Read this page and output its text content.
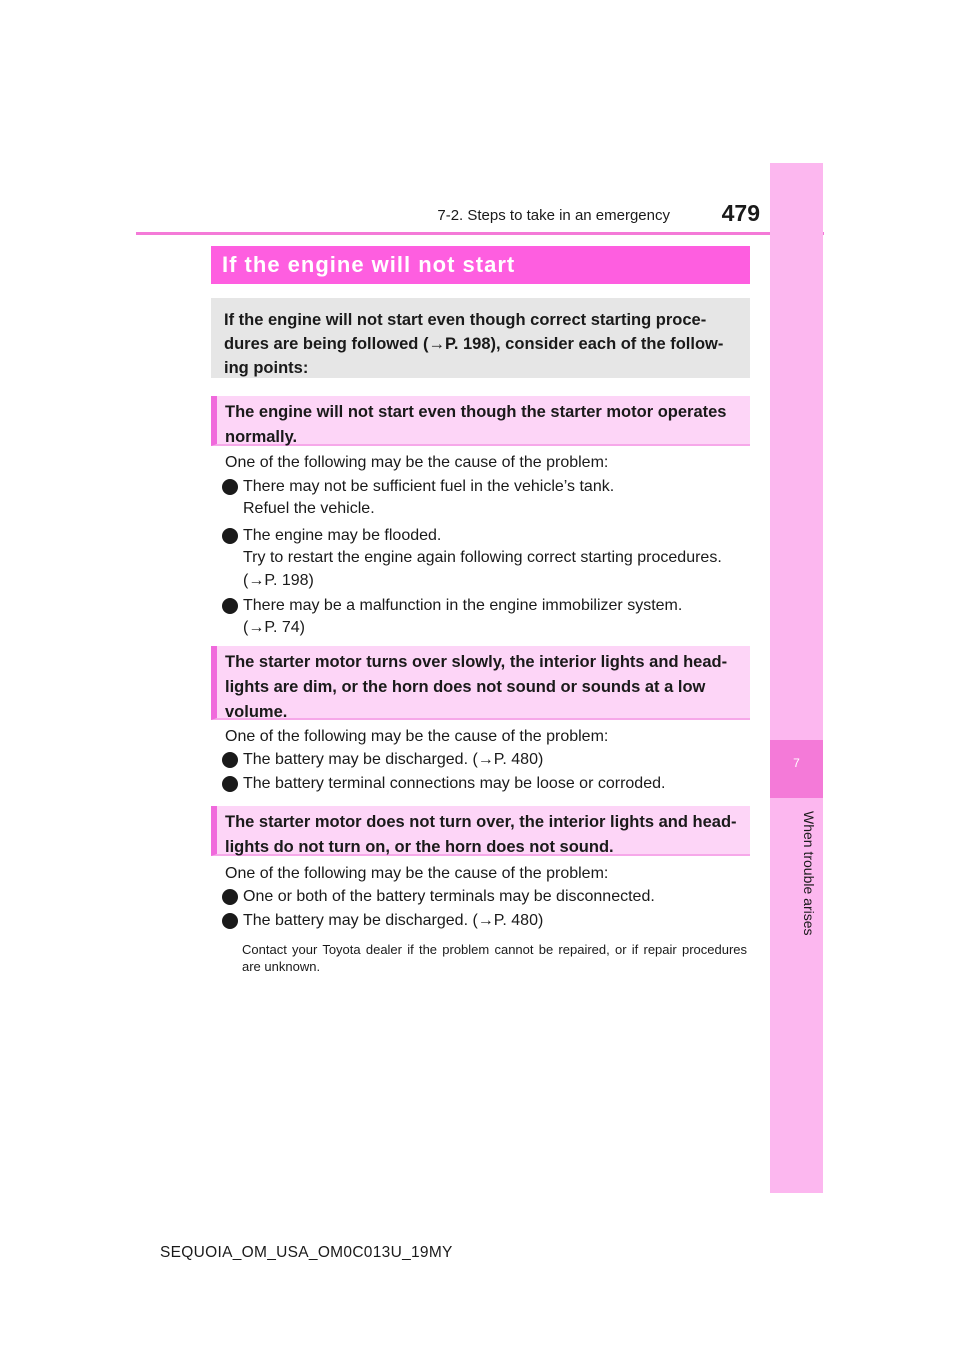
7-2. Steps to take in an emergency	479
7
When trouble arises
If the engine will not start
If the engine will not start even though correct starting proce-
dures are being followed (→P. 198), consider each of the follow-
ing points:
The engine will not start even though the starter motor operates
normally.
One of the following may be the cause of the problem:
There may not be sufficient fuel in the vehicle’s tank.
Refuel the vehicle.
The engine may be flooded.
Try to restart the engine again following correct starting procedures.
(→P. 198)
There may be a malfunction in the engine immobilizer system.
(→P. 74)
The starter motor turns over slowly, the interior lights and head-
lights are dim, or the horn does not sound or sounds at a low
volume.
One of the following may be the cause of the problem:
The battery may be discharged. (→P. 480)
The battery terminal connections may be loose or corroded.
The starter motor does not turn over, the interior lights and head-
lights do not turn on, or the horn does not sound.
One of the following may be the cause of the problem:
One or both of the battery terminals may be disconnected.
The battery may be discharged. (→P. 480)
Contact your Toyota dealer if the problem cannot be repaired, or if repair procedures are unknown.
SEQUOIA_OM_USA_OM0C013U_19MY
